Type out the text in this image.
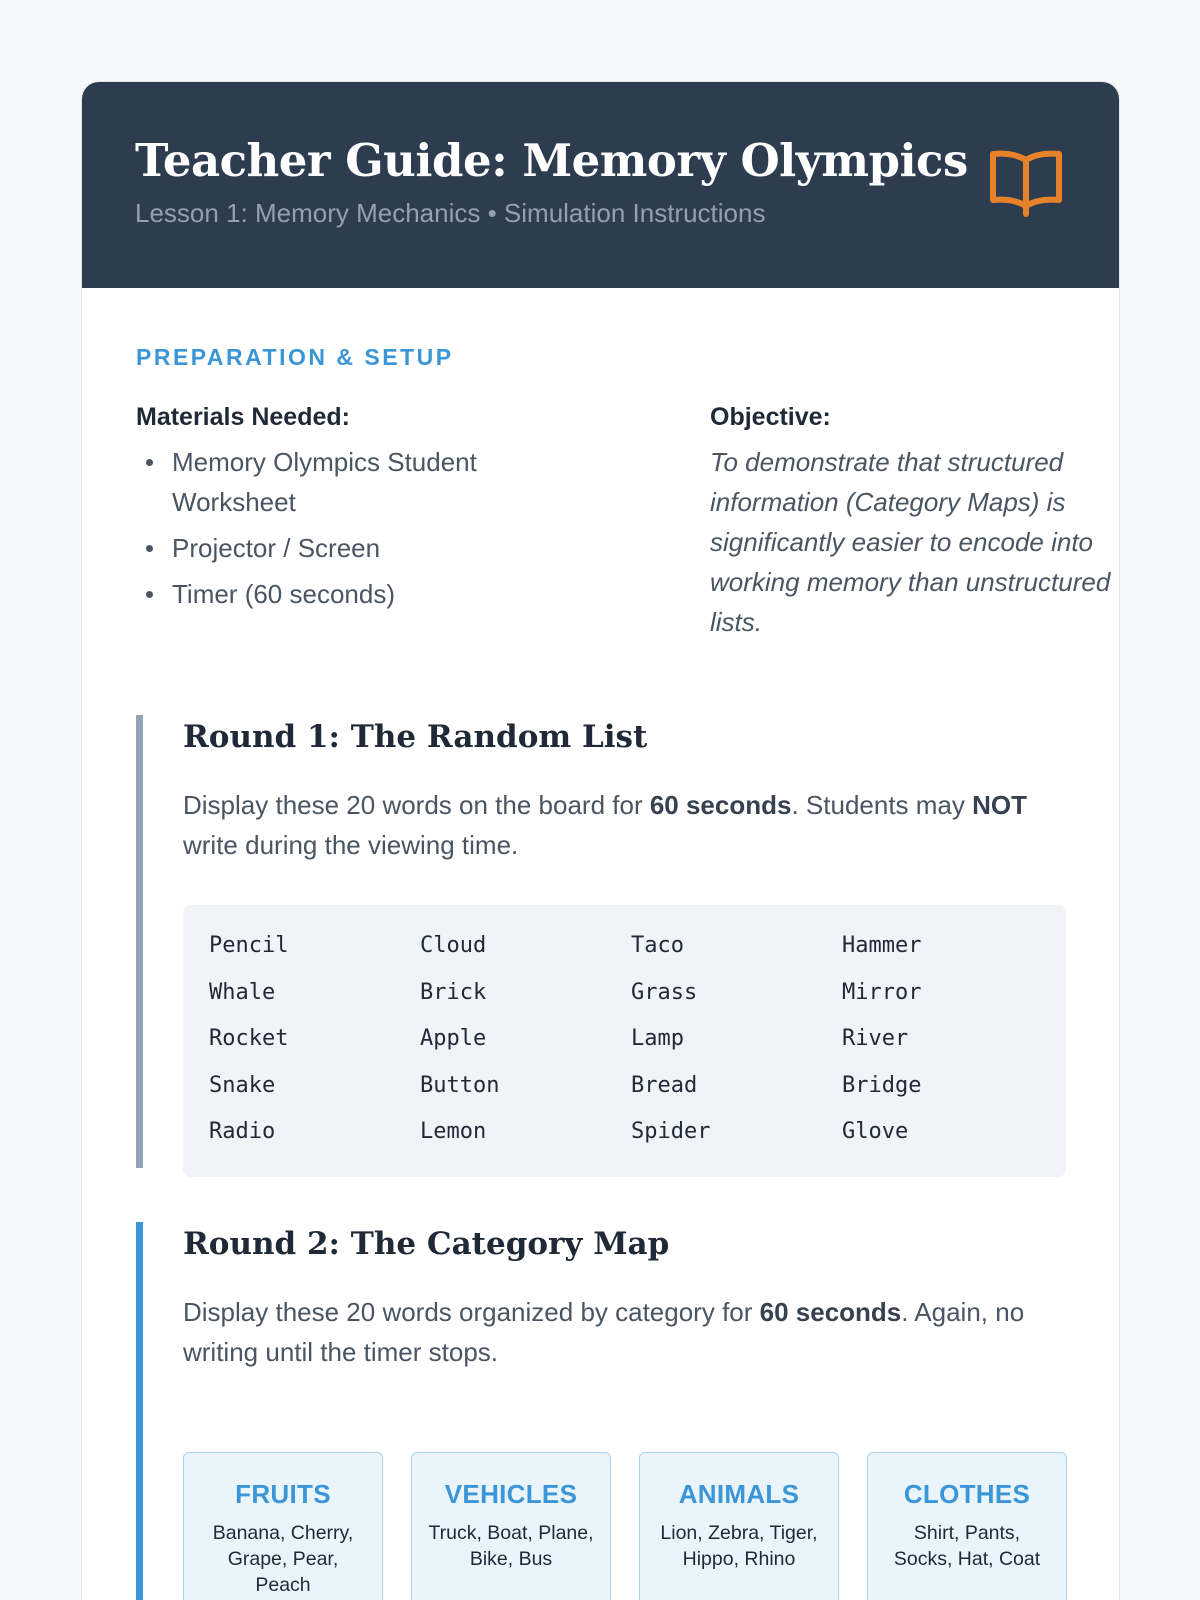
Teacher Guide: Memory Olympics
Lesson 1: Memory Mechanics • Simulation Instructions
PREPARATION & SETUP
Materials Needed:
Memory Olympics Student Worksheet
Projector / Screen
Timer (60 seconds)
Objective:
To demonstrate that structured information (Category Maps) is significantly easier to encode into working memory than unstructured lists.
Round 1: The Random List
Display these 20 words on the board for 60 seconds. Students may NOT write during the viewing time.
Pencil	Cloud	Taco	Hammer
Whale	Brick	Grass	Mirror
Rocket	Apple	Lamp	River
Snake	Button	Bread	Bridge
Radio	Lemon	Spider	Glove
Round 2: The Category Map
Display these 20 words organized by category for 60 seconds. Again, no writing until the timer stops.
FRUITS
Banana, Cherry, Grape, Pear, Peach
VEHICLES
Truck, Boat, Plane, Bike, Bus
ANIMALS
Lion, Zebra, Tiger, Hippo, Rhino
CLOTHES
Shirt, Pants, Socks, Hat, Coat
